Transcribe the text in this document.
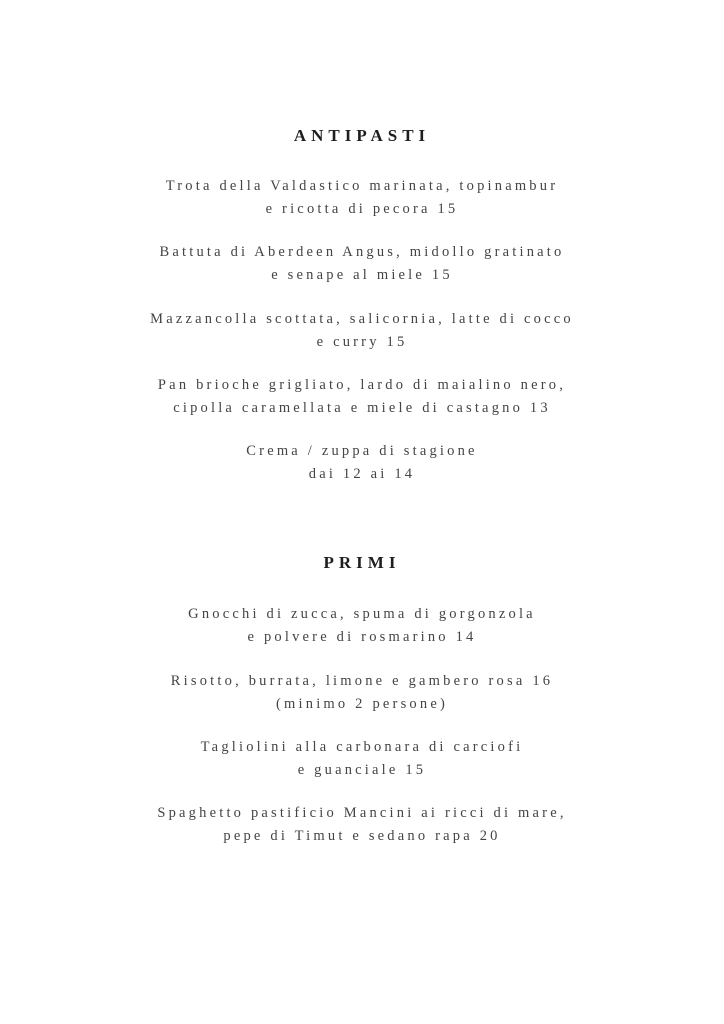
ANTIPASTI
Trota della Valdastico marinata, topinambur
e ricotta di pecora 15
Battuta di Aberdeen Angus, midollo gratinato
e senape al miele 15
Mazzancolla scottata, salicornia, latte di cocco
e curry 15
Pan brioche grigliato, lardo di maialino nero,
cipolla caramellata e miele di castagno 13
Crema / zuppa di stagione
dai 12 ai 14
PRIMI
Gnocchi di zucca, spuma di gorgonzola
e polvere di rosmarino 14
Risotto, burrata, limone e gambero rosa 16
(minimo 2 persone)
Tagliolini alla carbonara di carciofi
e guanciale 15
Spaghetto pastificio Mancini ai ricci di mare,
pepe di Timut e sedano rapa 20
